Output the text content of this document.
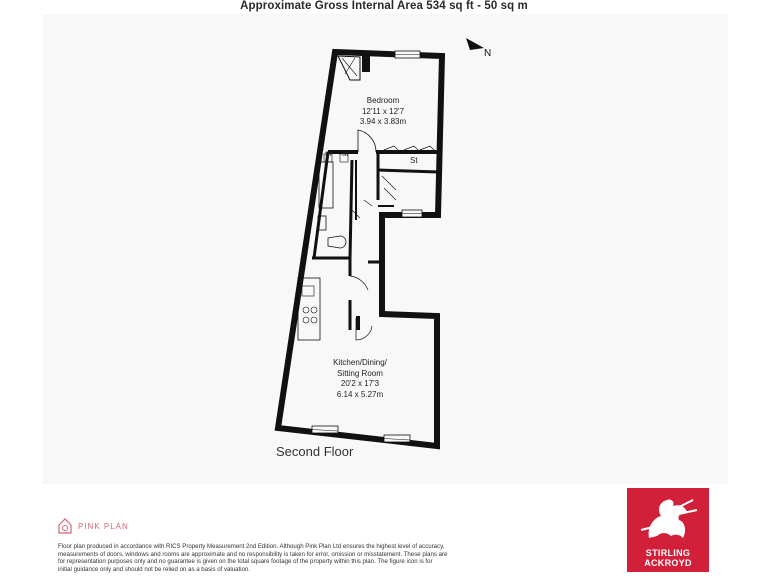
Approximate Gross Internal Area 534 sq ft - 50 sq m
N
Bedroom
12'11 x 12'7
3.94 x 3.83m
St St
St
Kitchen/Dining/
Sitting Room
20'2 x 17'3
6.14 x 5.27m
Second Floor
PINK PLAN
Floor plan produced in accordance with RICS Property Measurement 2nd Edition. Although Pink Plan Ltd ensures the highest level of accuracy, measurements of doors, windows and rooms are approximate and no responsibility is taken for error, omission or misstatement. These plans are for representation purposes only and no guarantee is given on the total square footage of the property within this plan. The figure icon is for initial guidance only and should not be relied on as a basis of valuation.
STIRLING
ACKROYD
